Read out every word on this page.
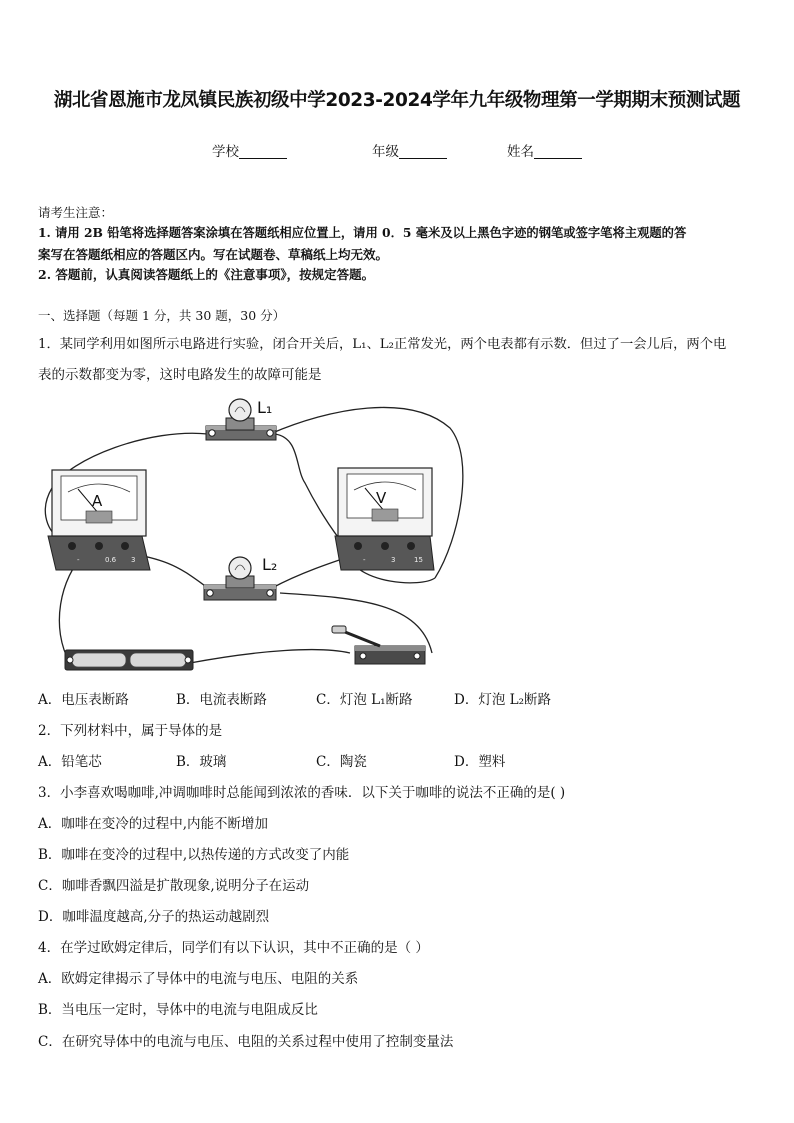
湖北省恩施市龙凤镇民族初级中学2023-2024学年九年级物理第一学期期末预测试题
学校	年级	姓名
请考生注意：
1. 请用 2B 铅笔将选择题答案涂填在答题纸相应位置上，请用 0．5 毫米及以上黑色字迹的钢笔或签字笔将主观题的答
案写在答题纸相应的答题区内。写在试题卷、草稿纸上均无效。
2. 答题前，认真阅读答题纸上的《注意事项》，按规定答题。
一、选择题（每题 1 分，共 30 题，30 分）
1．某同学利用如图所示电路进行实验，闭合开关后，L₁、L₂正常发光，两个电表都有示数．但过了一会儿后，两个电
表的示数都变为零，这时电路发生的故障可能是
L₁
L₂
A
-	0.6 3
V
-	3	15
A．电压表断路	B．电流表断路	C．灯泡 L₁断路	D．灯泡 L₂断路
2．下列材料中，属于导体的是
A．铅笔芯	B．玻璃	C．陶瓷	D．塑料
3．小李喜欢喝咖啡,冲调咖啡时总能闻到浓浓的香味．以下关于咖啡的说法不正确的是( )
A．咖啡在变冷的过程中,内能不断增加
B．咖啡在变冷的过程中,以热传递的方式改变了内能
C．咖啡香飘四溢是扩散现象,说明分子在运动
D．咖啡温度越高,分子的热运动越剧烈
4．在学过欧姆定律后，同学们有以下认识，其中不正确的是（ ）
A．欧姆定律揭示了导体中的电流与电压、电阻的关系
B．当电压一定时，导体中的电流与电阻成反比
C．在研究导体中的电流与电压、电阻的关系过程中使用了控制变量法
